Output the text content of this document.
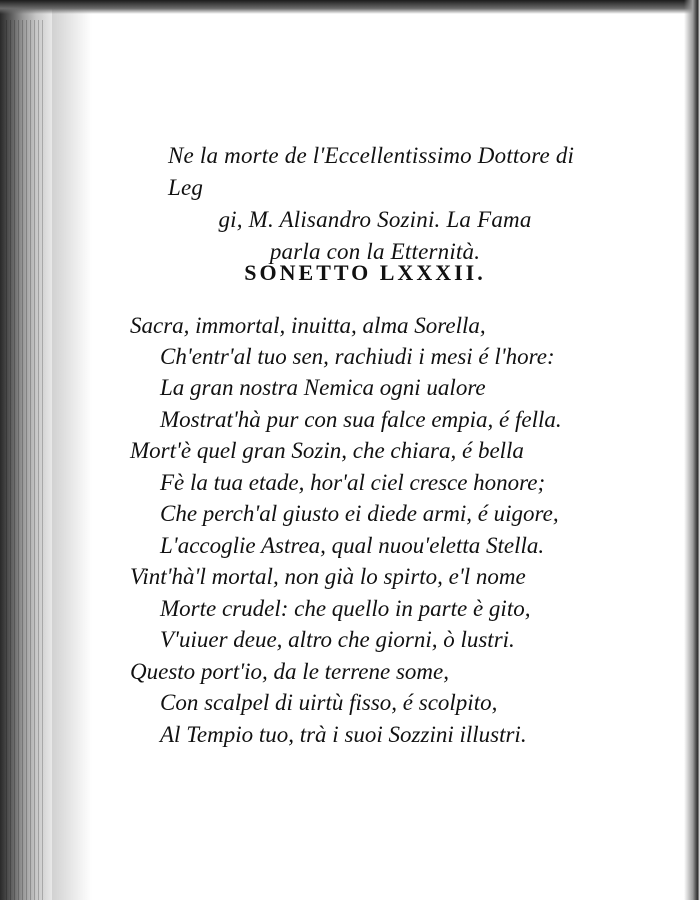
Ne la morte de l'Eccellentissimo Dottore di Leg
gi, M. Alisandro Sozini. La Fama
parla con la Etternità.
SONETTO LXXXII.
Sacra, immortal, inuitta, alma Sorella,
Ch'entr'al tuo sen, rachiudi i mesi é l'hore:
La gran nostra Nemica ogni ualore
Mostrat'hà pur con sua falce empia, é fella.
Mort'è quel gran Sozin, che chiara, é bella
Fè la tua etade, hor'al ciel cresce honore;
Che perch'al giusto ei diede armi, é uigore,
L'accoglie Astrea, qual nuou'eletta Stella.
Vint'hà'l mortal, non già lo spirto, e'l nome
Morte crudel: che quello in parte è gito,
V'uiuer deue, altro che giorni, ò lustri.
Questo port'io, da le terrene some,
Con scalpel di uirtù fisso, é scolpito,
Al Tempio tuo, trà i suoi Sozzini illustri.
